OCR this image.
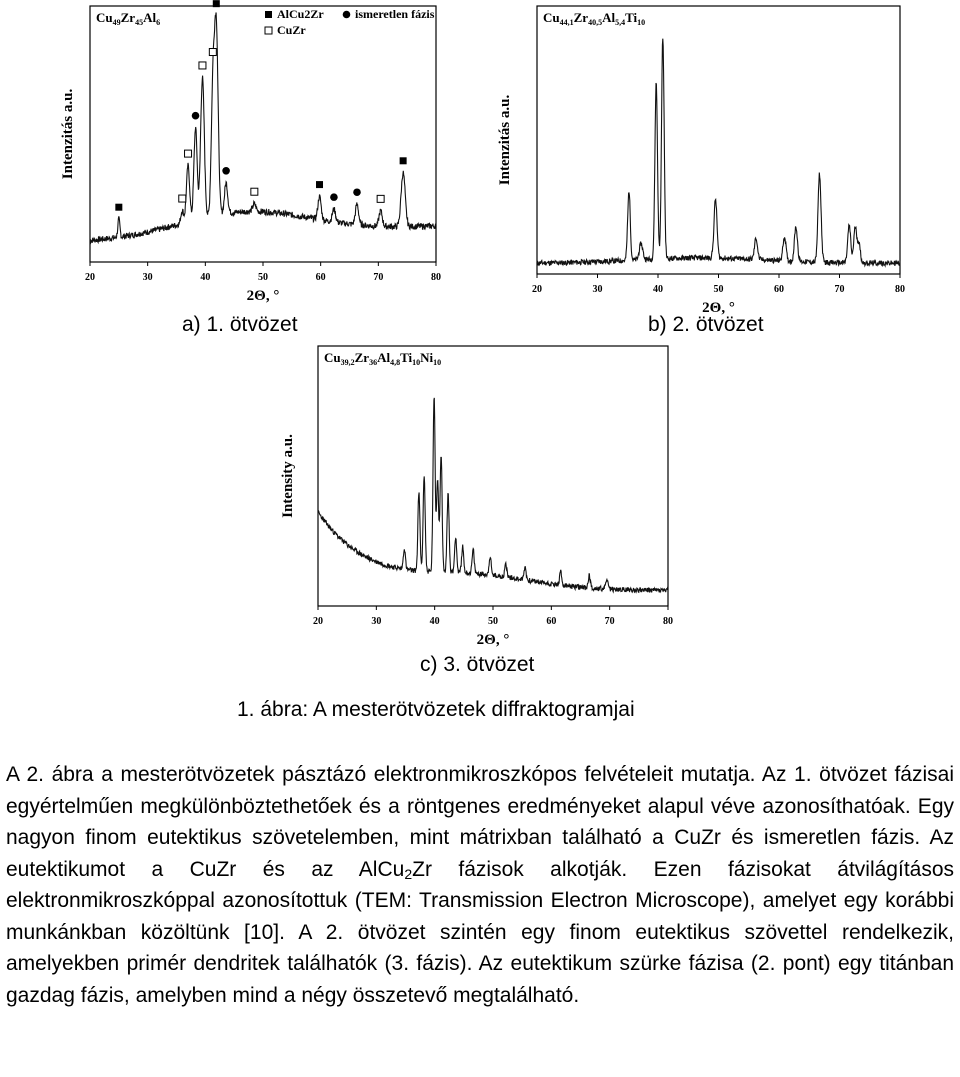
20	30	40	50	60	70	80
2Θ, °
Intenzitás a.u.
$Cu_{49}Zr_{45}Al_6$
AlCu2Zr	ismeretlen fázis
CuZr
20	30	40	50	60	70	80
2Θ, °
Intenzitás a.u.
$Cu_{44,1}Zr_{40,5}Al_{5,4}Ti_{10}$
20	30	40	50	60	70	80
2Θ, °
Intensity a.u.
$Cu_{39,2}Zr_{36}Al_{4,8}Ti_{10}Ni_{10}$
a) 1. ötvözet	b) 2. ötvözet
c) 3. ötvözet
1. ábra: A mesterötvözetek diffraktogramjai

A 2. ábra a mesterötvözetek pásztázó elektronmikroszkópos felvételeit mutatja. Az 1. ötvözet fázisai egyértelműen megkülönböztethetőek és a röntgenes eredményeket alapul véve azonosíthatóak. Egy nagyon finom eutektikus szövetelemben, mint mátrixban található a CuZr és ismeretlen fázis. Az eutektikumot a CuZr és az AlCu$_2$Zr fázisok alkotják. Ezen fázisokat átvilágításos elektronmikroszkóppal azonosítottuk (TEM: Transmission Electron Microscope), amelyet egy korábbi munkánkban közöltünk [10]. A 2. ötvözet szintén egy finom eutektikus szövettel rendelkezik, amelyekben primér dendritek találhatók (3. fázis). Az eutektikum szürke fázisa (2. pont) egy titánban gazdag fázis, amelyben mind a négy összetevő megtalálható.
